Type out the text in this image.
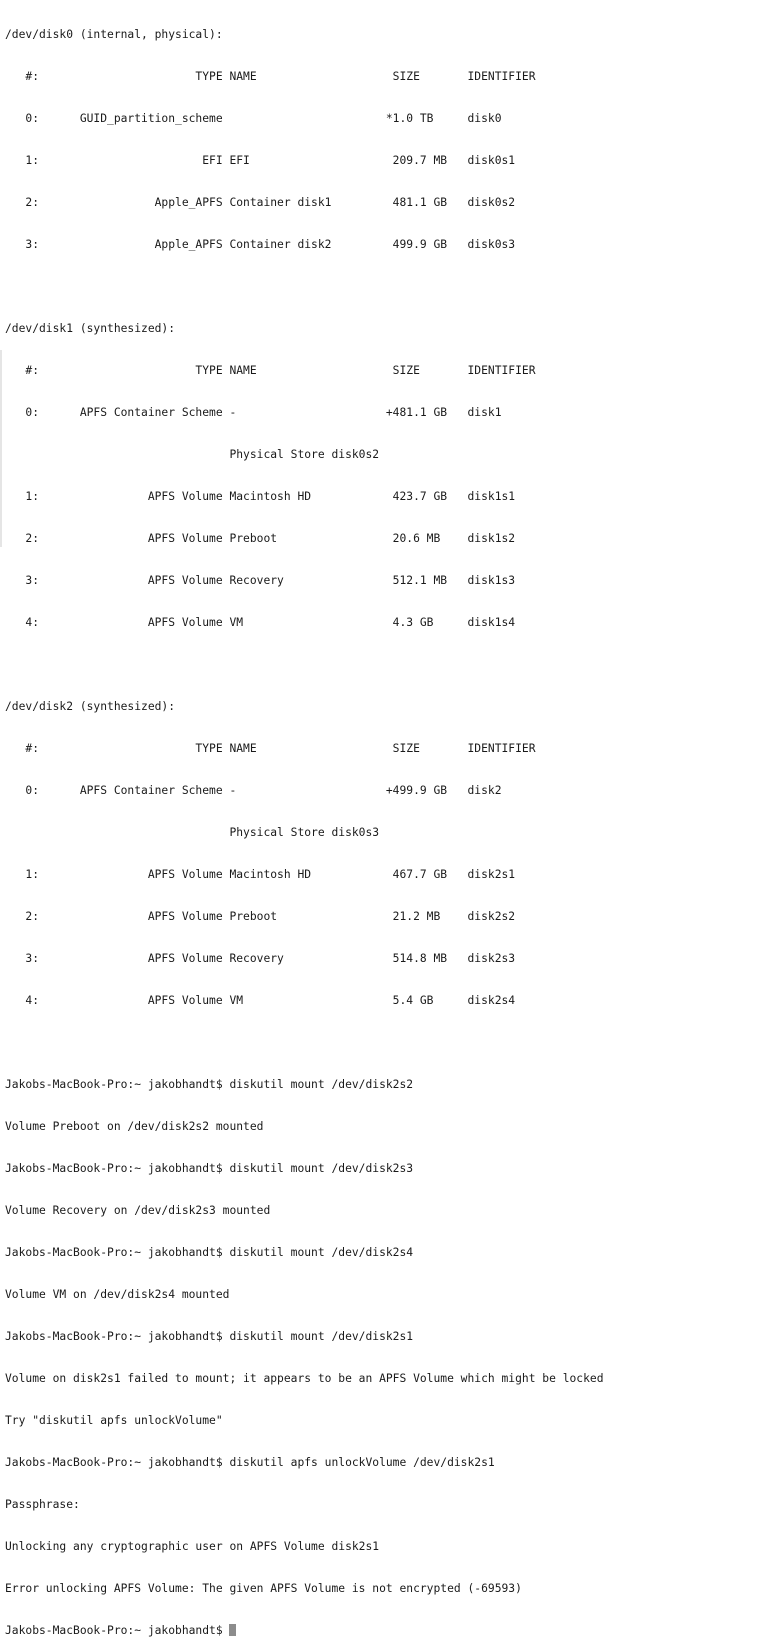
/dev/disk0 (internal, physical):

#:                       TYPE NAME                    SIZE       IDENTIFIER

0:      GUID_partition_scheme                        *1.0 TB     disk0

1:                        EFI EFI                     209.7 MB   disk0s1

2:                 Apple_APFS Container disk1         481.1 GB   disk0s2

3:                 Apple_APFS Container disk2         499.9 GB   disk0s3

/dev/disk1 (synthesized):

#:                       TYPE NAME                    SIZE       IDENTIFIER

0:      APFS Container Scheme -                      +481.1 GB   disk1

Physical Store disk0s2

1:                APFS Volume Macintosh HD            423.7 GB   disk1s1

2:                APFS Volume Preboot                 20.6 MB    disk1s2

3:                APFS Volume Recovery                512.1 MB   disk1s3

4:                APFS Volume VM                      4.3 GB     disk1s4

/dev/disk2 (synthesized):

#:                       TYPE NAME                    SIZE       IDENTIFIER

0:      APFS Container Scheme -                      +499.9 GB   disk2

Physical Store disk0s3

1:                APFS Volume Macintosh HD            467.7 GB   disk2s1

2:                APFS Volume Preboot                 21.2 MB    disk2s2

3:                APFS Volume Recovery                514.8 MB   disk2s3

4:                APFS Volume VM                      5.4 GB     disk2s4

Jakobs-MacBook-Pro:~ jakobhandt$ diskutil mount /dev/disk2s2

Volume Preboot on /dev/disk2s2 mounted

Jakobs-MacBook-Pro:~ jakobhandt$ diskutil mount /dev/disk2s3

Volume Recovery on /dev/disk2s3 mounted

Jakobs-MacBook-Pro:~ jakobhandt$ diskutil mount /dev/disk2s4

Volume VM on /dev/disk2s4 mounted

Jakobs-MacBook-Pro:~ jakobhandt$ diskutil mount /dev/disk2s1

Volume on disk2s1 failed to mount; it appears to be an APFS Volume which might be locked

Try "diskutil apfs unlockVolume"

Jakobs-MacBook-Pro:~ jakobhandt$ diskutil apfs unlockVolume /dev/disk2s1

Passphrase:

Unlocking any cryptographic user on APFS Volume disk2s1

Error unlocking APFS Volume: The given APFS Volume is not encrypted (-69593)

Jakobs-MacBook-Pro:~ jakobhandt$
